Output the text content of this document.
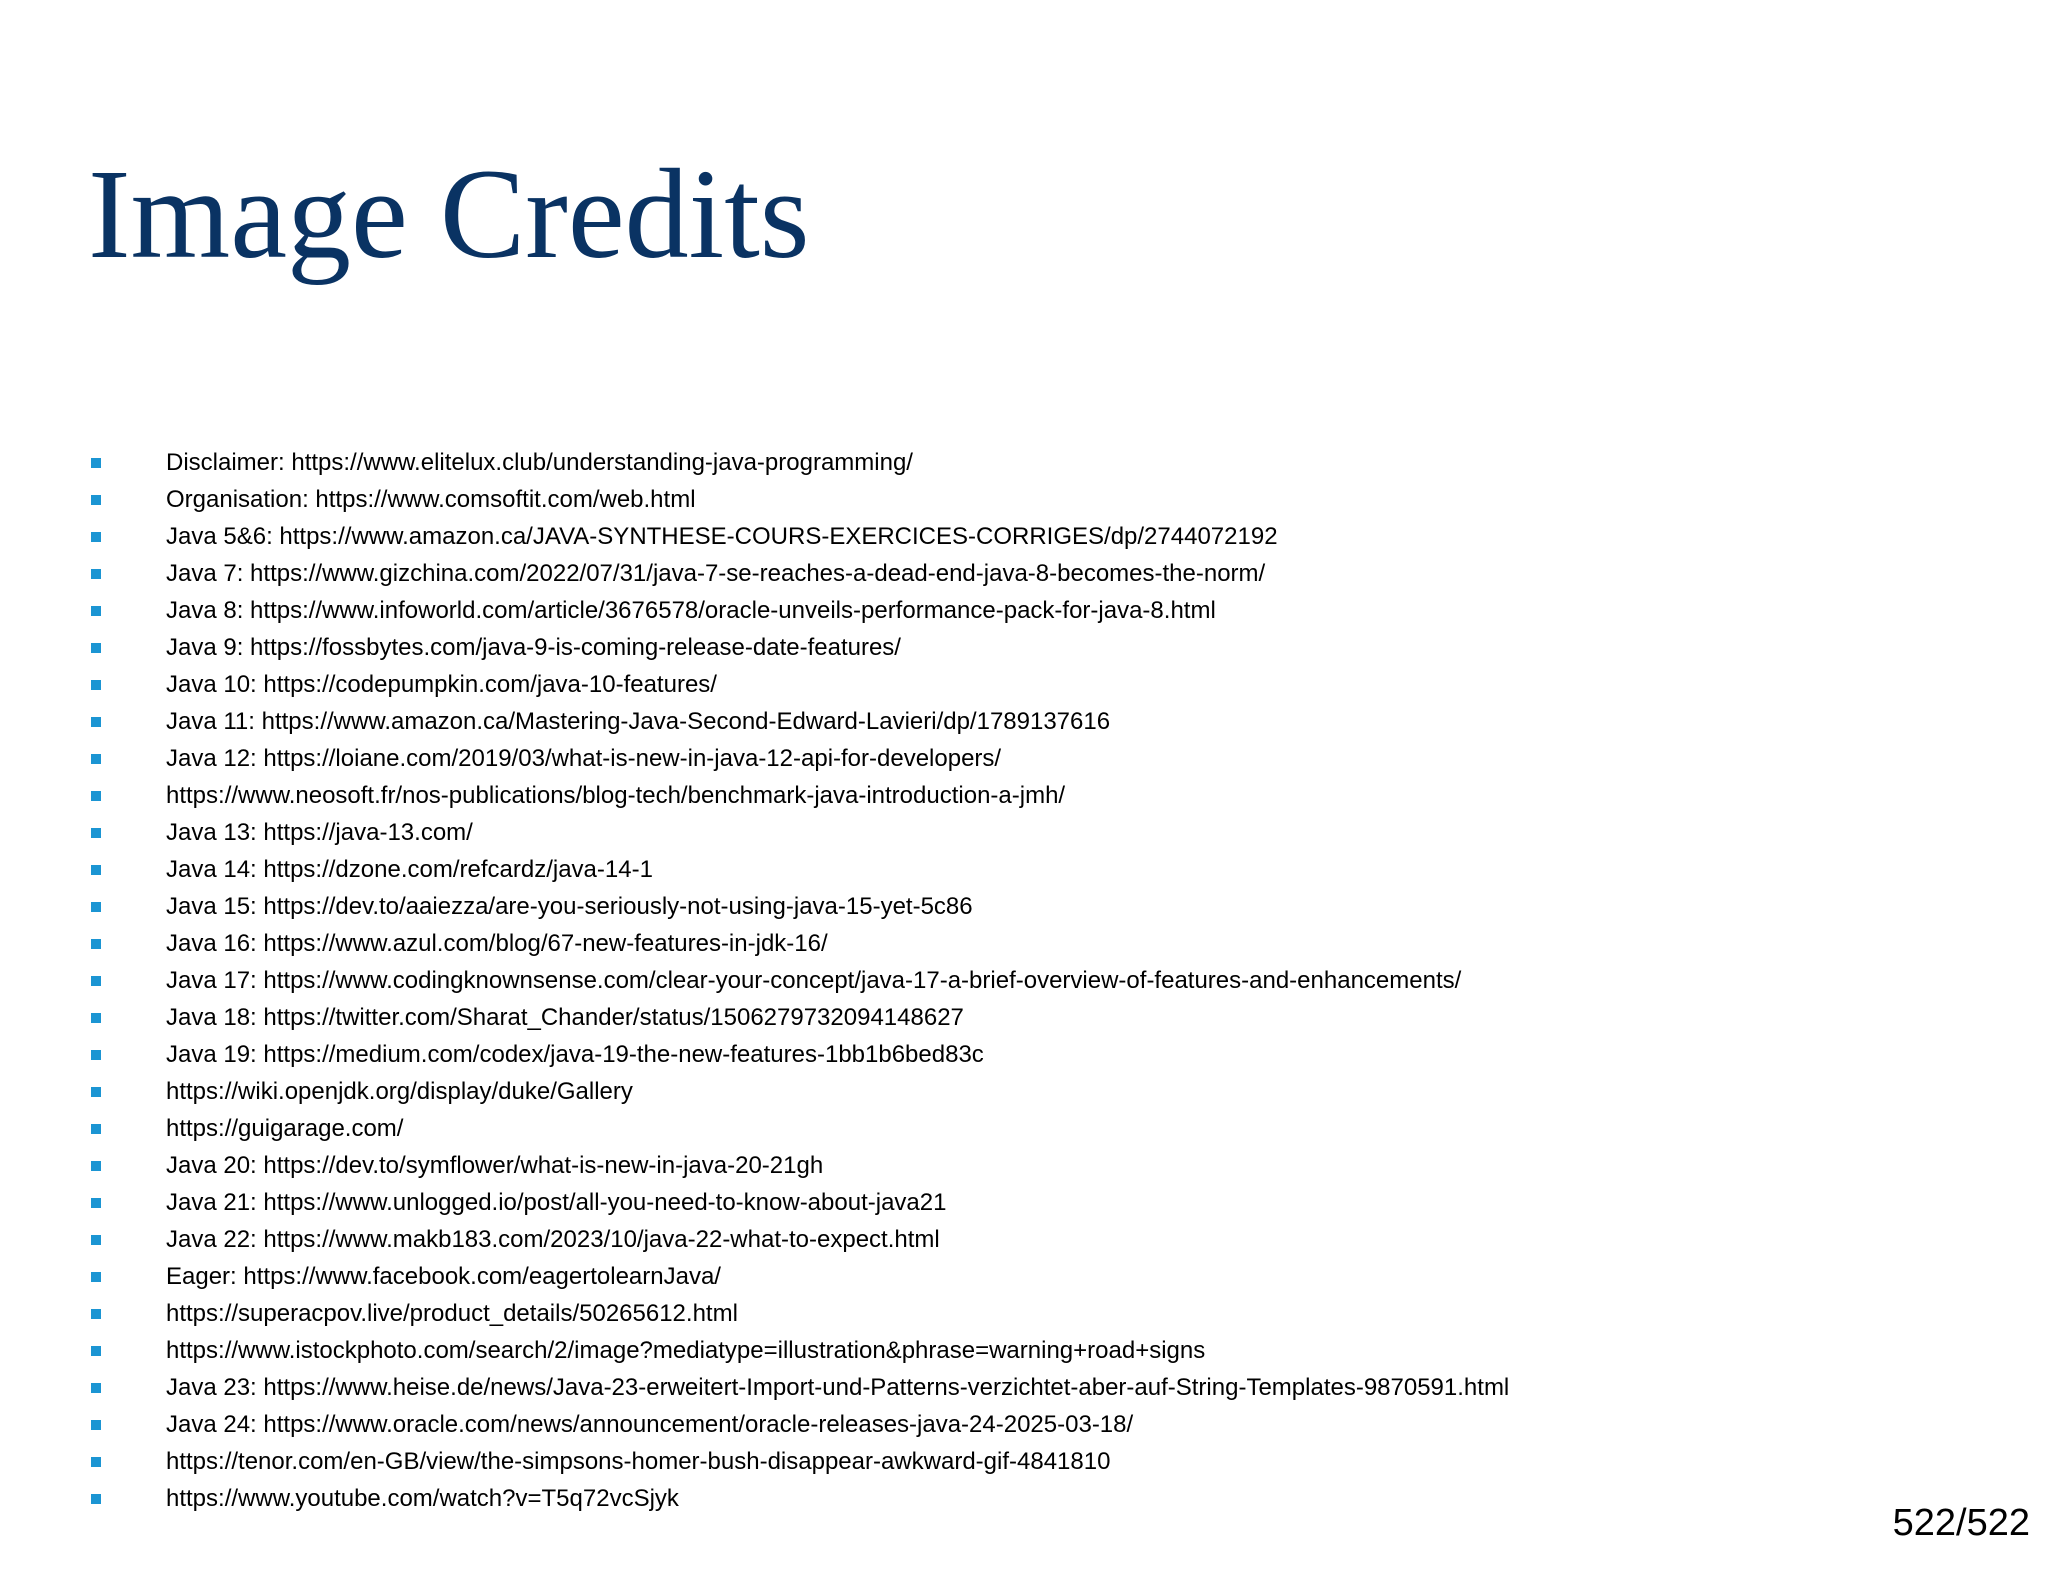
Image Credits
Disclaimer: https://www.elitelux.club/understanding-java-programming/
Organisation: https://www.comsoftit.com/web.html
Java 5&6: https://www.amazon.ca/JAVA-SYNTHESE-COURS-EXERCICES-CORRIGES/dp/2744072192
Java 7: https://www.gizchina.com/2022/07/31/java-7-se-reaches-a-dead-end-java-8-becomes-the-norm/
Java 8: https://www.infoworld.com/article/3676578/oracle-unveils-performance-pack-for-java-8.html
Java 9: https://fossbytes.com/java-9-is-coming-release-date-features/
Java 10: https://codepumpkin.com/java-10-features/
Java 11: https://www.amazon.ca/Mastering-Java-Second-Edward-Lavieri/dp/1789137616
Java 12: https://loiane.com/2019/03/what-is-new-in-java-12-api-for-developers/
https://www.neosoft.fr/nos-publications/blog-tech/benchmark-java-introduction-a-jmh/
Java 13: https://java-13.com/
Java 14: https://dzone.com/refcardz/java-14-1
Java 15: https://dev.to/aaiezza/are-you-seriously-not-using-java-15-yet-5c86
Java 16: https://www.azul.com/blog/67-new-features-in-jdk-16/
Java 17: https://www.codingknownsense.com/clear-your-concept/java-17-a-brief-overview-of-features-and-enhancements/
Java 18: https://twitter.com/Sharat_Chander/status/1506279732094148627
Java 19: https://medium.com/codex/java-19-the-new-features-1bb1b6bed83c
https://wiki.openjdk.org/display/duke/Gallery
https://guigarage.com/
Java 20: https://dev.to/symflower/what-is-new-in-java-20-21gh
Java 21: https://www.unlogged.io/post/all-you-need-to-know-about-java21
Java 22: https://www.makb183.com/2023/10/java-22-what-to-expect.html
Eager: https://www.facebook.com/eagertolearnJava/
https://superacpov.live/product_details/50265612.html
https://www.istockphoto.com/search/2/image?mediatype=illustration&phrase=warning+road+signs
Java 23: https://www.heise.de/news/Java-23-erweitert-Import-und-Patterns-verzichtet-aber-auf-String-Templates-9870591.html
Java 24: https://www.oracle.com/news/announcement/oracle-releases-java-24-2025-03-18/
https://tenor.com/en-GB/view/the-simpsons-homer-bush-disappear-awkward-gif-4841810
https://www.youtube.com/watch?v=T5q72vcSjyk
522/522
